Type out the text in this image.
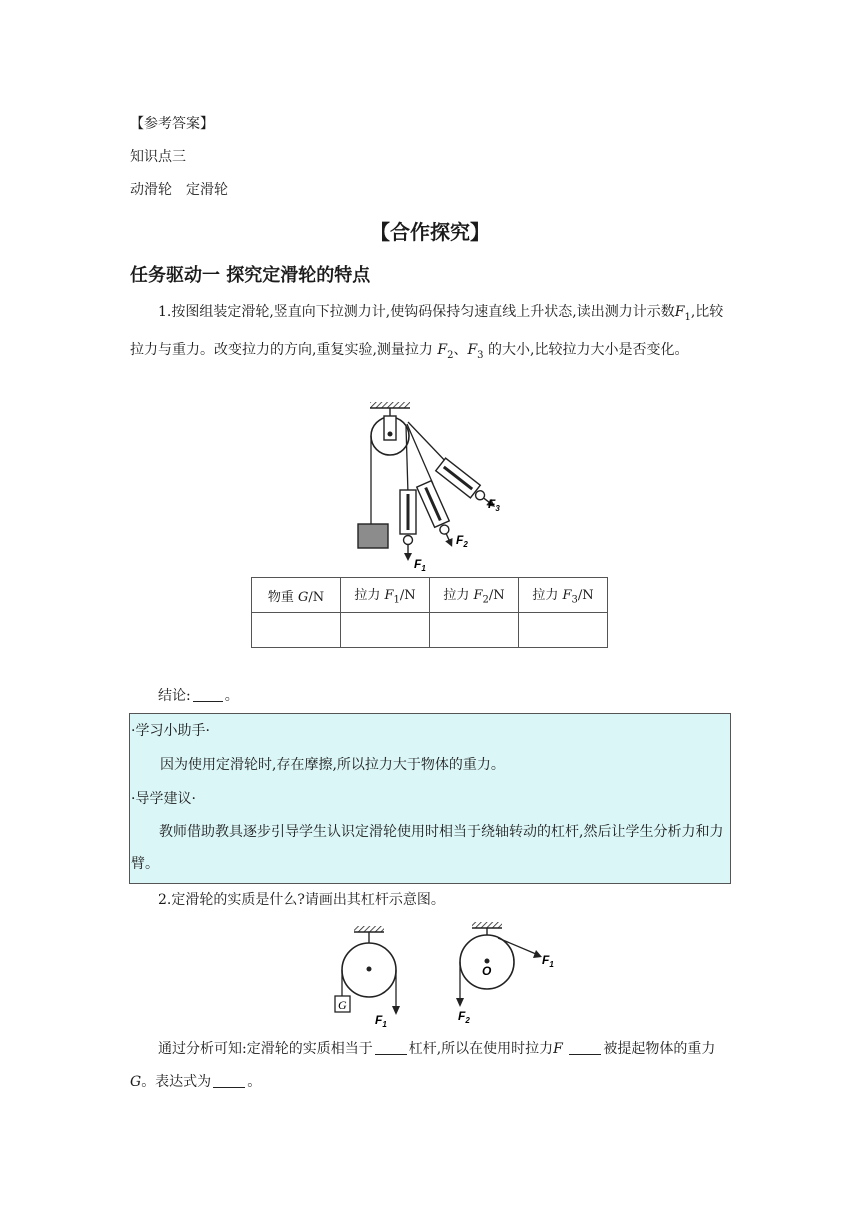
【参考答案】
知识点三
动滑轮　定滑轮
【合作探究】
任务驱动一 探究定滑轮的特点
1.按图组装定滑轮,竖直向下拉测力计,使钩码保持匀速直线上升状态,读出测力计示数$F_1$,比较拉力与重力。改变拉力的方向,重复实验,测量拉力 $F_2$、$F_3$ 的大小,比较拉力大小是否变化。
$F_1$
$F_2$
$F_3$
物重 G/N	拉力 $F_1/N$	拉力 $F_2/N$	拉力 $F_3/N$

结论: 。
·学习小助手·
因为使用定滑轮时,存在摩擦,所以拉力大于物体的重力。
·导学建议·
教师借助教具逐步引导学生认识定滑轮使用时相当于绕轴转动的杠杆,然后让学生分析力和力臂。
2.定滑轮的实质是什么?请画出其杠杆示意图。
G
$F_1$
O
$F_1$
$F_2$
通过分析可知:定滑轮的实质相当于	杠杆,所以在使用时拉力F	被提起物体的重力 G。表达式为	。
